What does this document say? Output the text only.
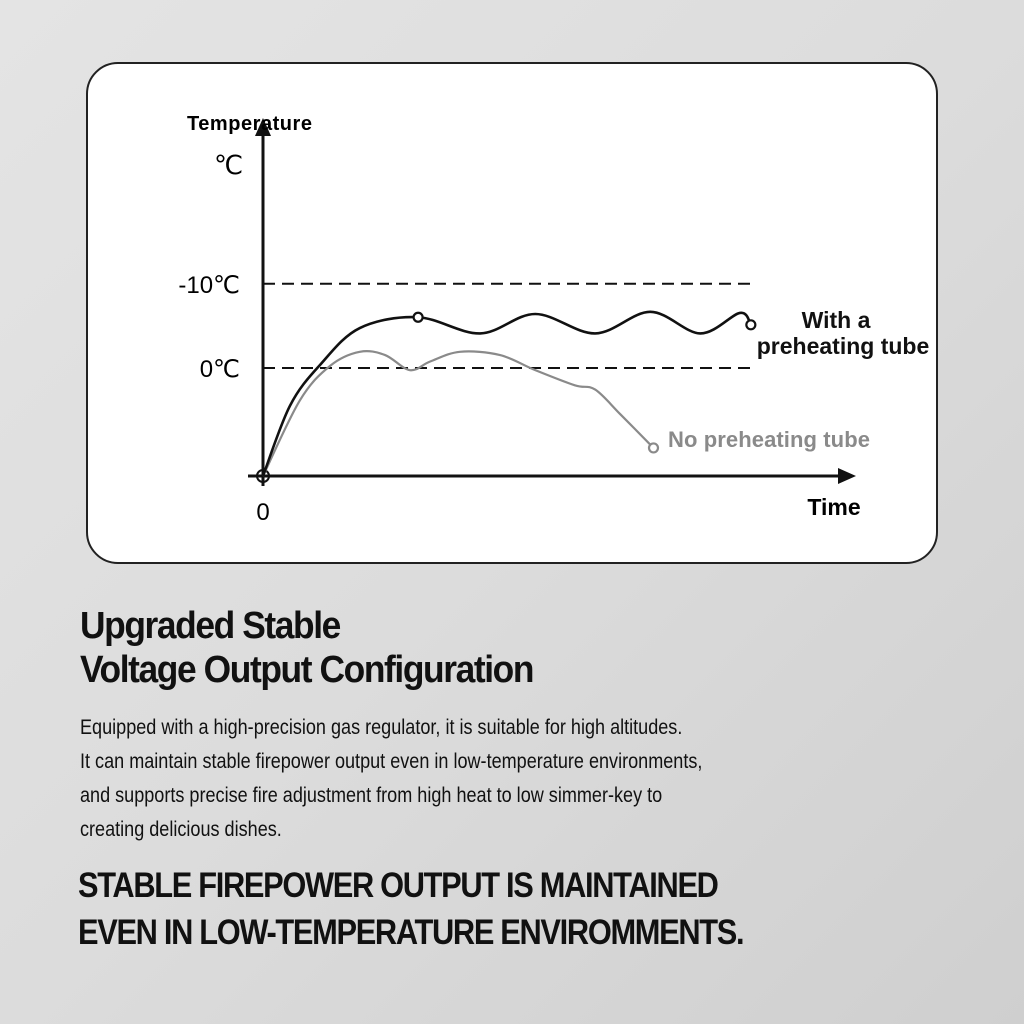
0℃
-10℃
Temperature
℃
0	Time
With a
preheating tube
No preheating tube
Upgraded Stable
Voltage Output Configuration
Equipped with a high-precision gas regulator, it is suitable for high altitudes.
It can maintain stable firepower output even in low-temperature environments,
and supports precise fire adjustment from high heat to low simmer-key to
creating delicious dishes.
STABLE FIREPOWER OUTPUT IS MAINTAINED
EVEN IN LOW-TEMPERATURE ENVIROMMENTS.
